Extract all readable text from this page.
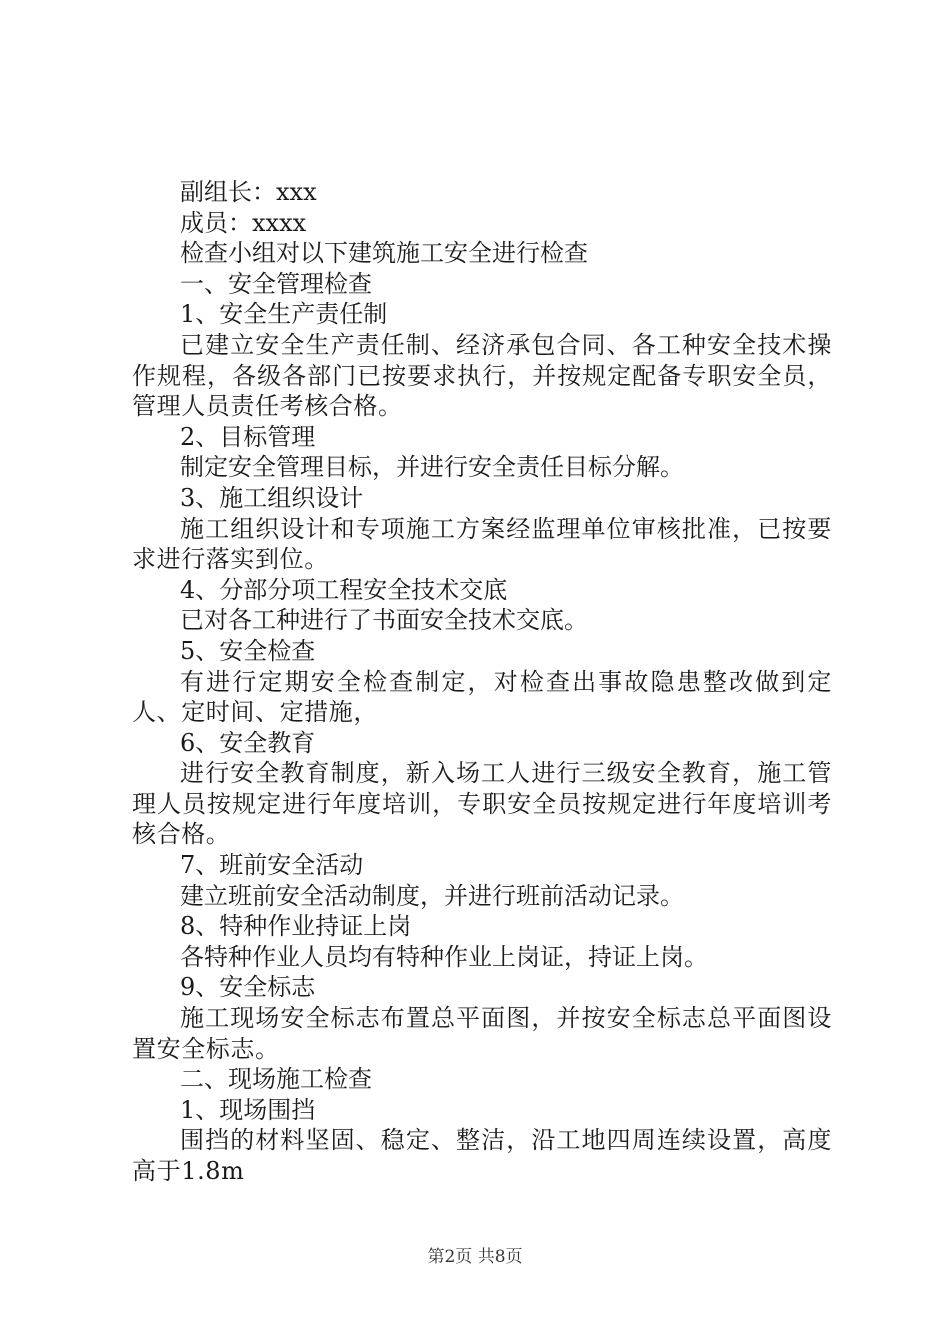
副组长：xxx

成员：xxxx

检查小组对以下建筑施工安全进行检查

一、安全管理检查

1、安全生产责任制

已建立安全生产责任制、经济承包合同、各工种安全技术操作规程，各级各部门已按要求执行，并按规定配备专职安全员，管理人员责任考核合格。

2、目标管理

制定安全管理目标，并进行安全责任目标分解。

3、施工组织设计

施工组织设计和专项施工方案经监理单位审核批准，已按要求进行落实到位。

4、分部分项工程安全技术交底

已对各工种进行了书面安全技术交底。

5、安全检查

有进行定期安全检查制定，对检查出事故隐患整改做到定人、定时间、定措施，

6、安全教育

进行安全教育制度，新入场工人进行三级安全教育，施工管理人员按规定进行年度培训，专职安全员按规定进行年度培训考核合格。

7、班前安全活动

建立班前安全活动制度，并进行班前活动记录。

8、特种作业持证上岗

各特种作业人员均有特种作业上岗证，持证上岗。

9、安全标志

施工现场安全标志布置总平面图，并按安全标志总平面图设置安全标志。

二、现场施工检查

1、现场围挡

围挡的材料坚固、稳定、整洁，沿工地四周连续设置，高度高于1.8m

第2页 共8页
